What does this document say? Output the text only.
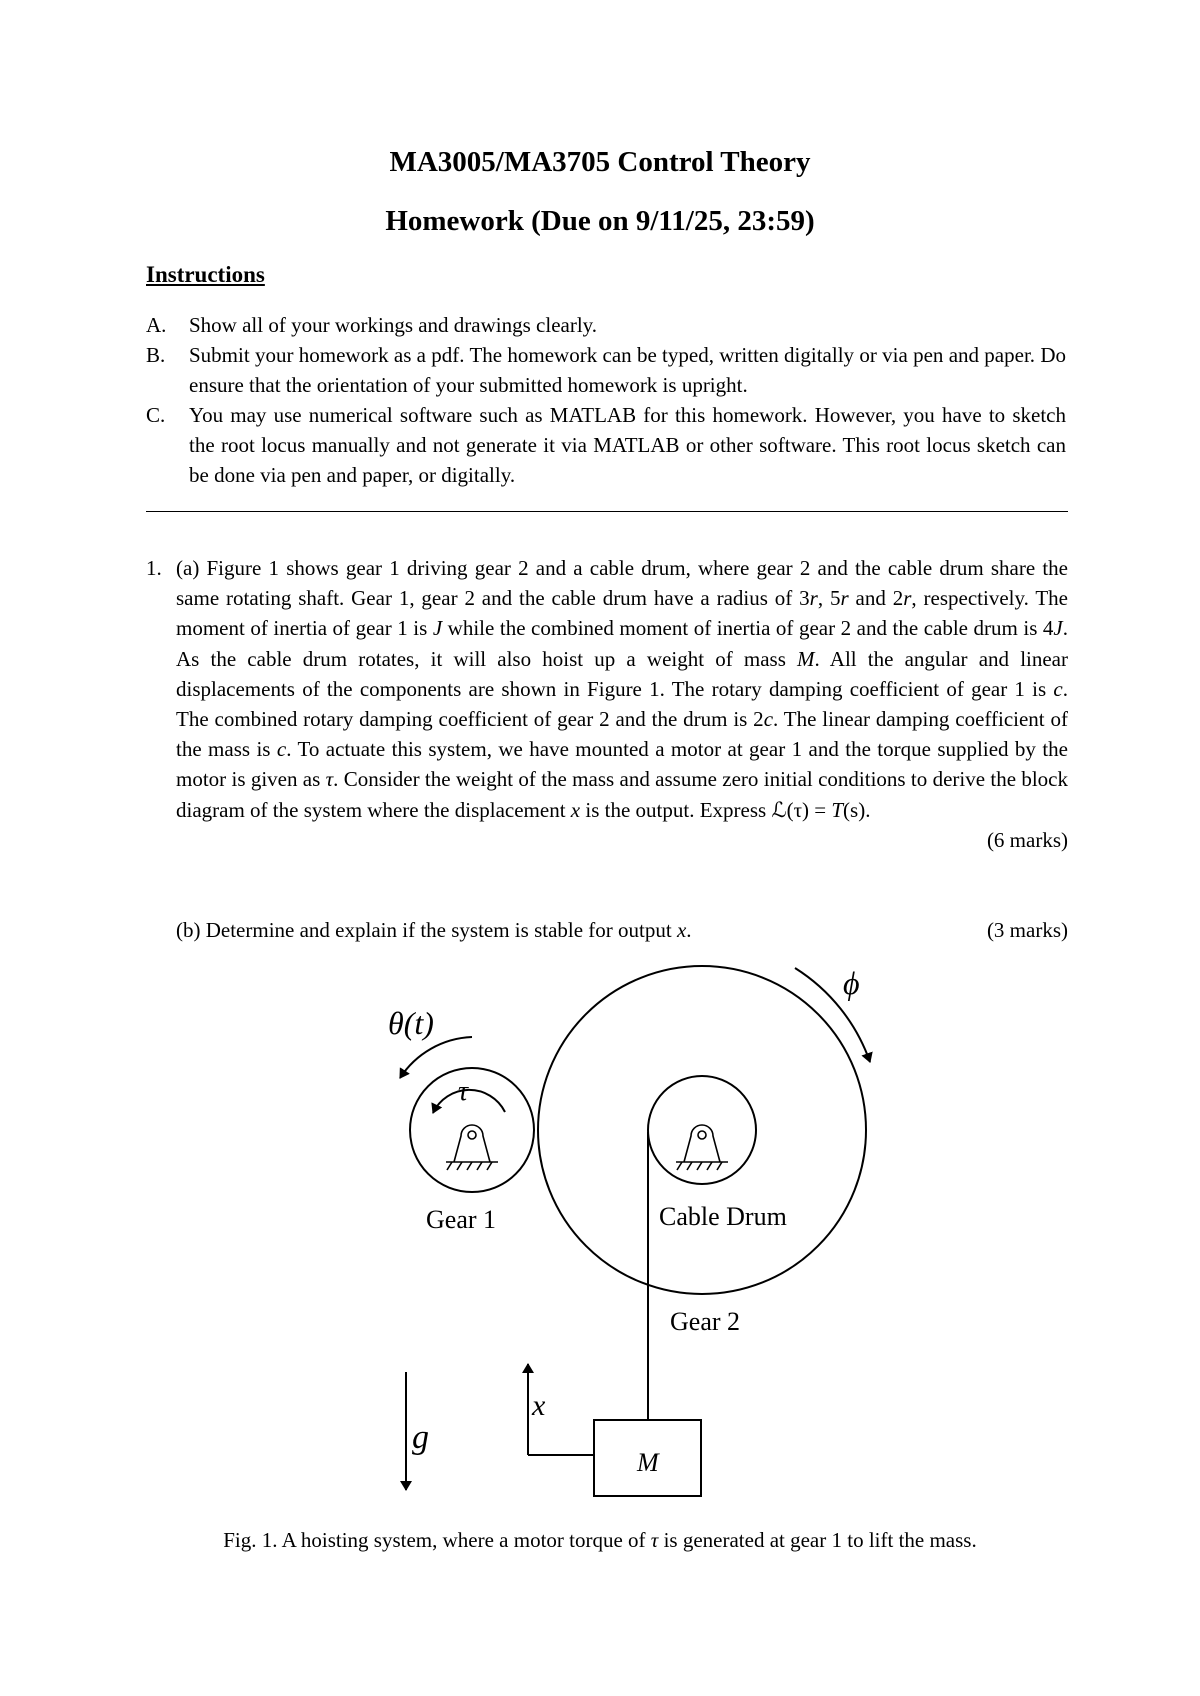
MA3005/MA3705 Control Theory
Homework (Due on 9/11/25, 23:59)
Instructions
A.	Show all of your workings and drawings clearly.
B.	Submit your homework as a pdf. The homework can be typed, written digitally or via pen and paper. Do ensure that the orientation of your submitted homework is upright.
C.	You may use numerical software such as MATLAB for this homework. However, you have to sketch the root locus manually and not generate it via MATLAB or other software. This root locus sketch can be done via pen and paper, or digitally.
1. (a) Figure 1 shows gear 1 driving gear 2 and a cable drum, where gear 2 and the cable drum share the same rotating shaft. Gear 1, gear 2 and the cable drum have a radius of 3r, 5r and 2r, respectively. The moment of inertia of gear 1 is J while the combined moment of inertia of gear 2 and the cable drum is 4J. As the cable drum rotates, it will also hoist up a weight of mass M. All the angular and linear displacements of the components are shown in Figure 1. The rotary damping coefficient of gear 1 is c. The combined rotary damping coefficient of gear 2 and the drum is 2c. The linear damping coefficient of the mass is c. To actuate this system, we have mounted a motor at gear 1 and the torque supplied by the motor is given as τ. Consider the weight of the mass and assume zero initial conditions to derive the block diagram of the system where the displacement x is the output. Express ℒ(τ) = T(s).
(6 marks)
(b) Determine and explain if the system is stable for output x.	(3 marks)
θ(t)
τ
ϕ
Gear 1	Cable Drum
Gear 2
g
x
M
Fig. 1. A hoisting system, where a motor torque of τ is generated at gear 1 to lift the mass.
